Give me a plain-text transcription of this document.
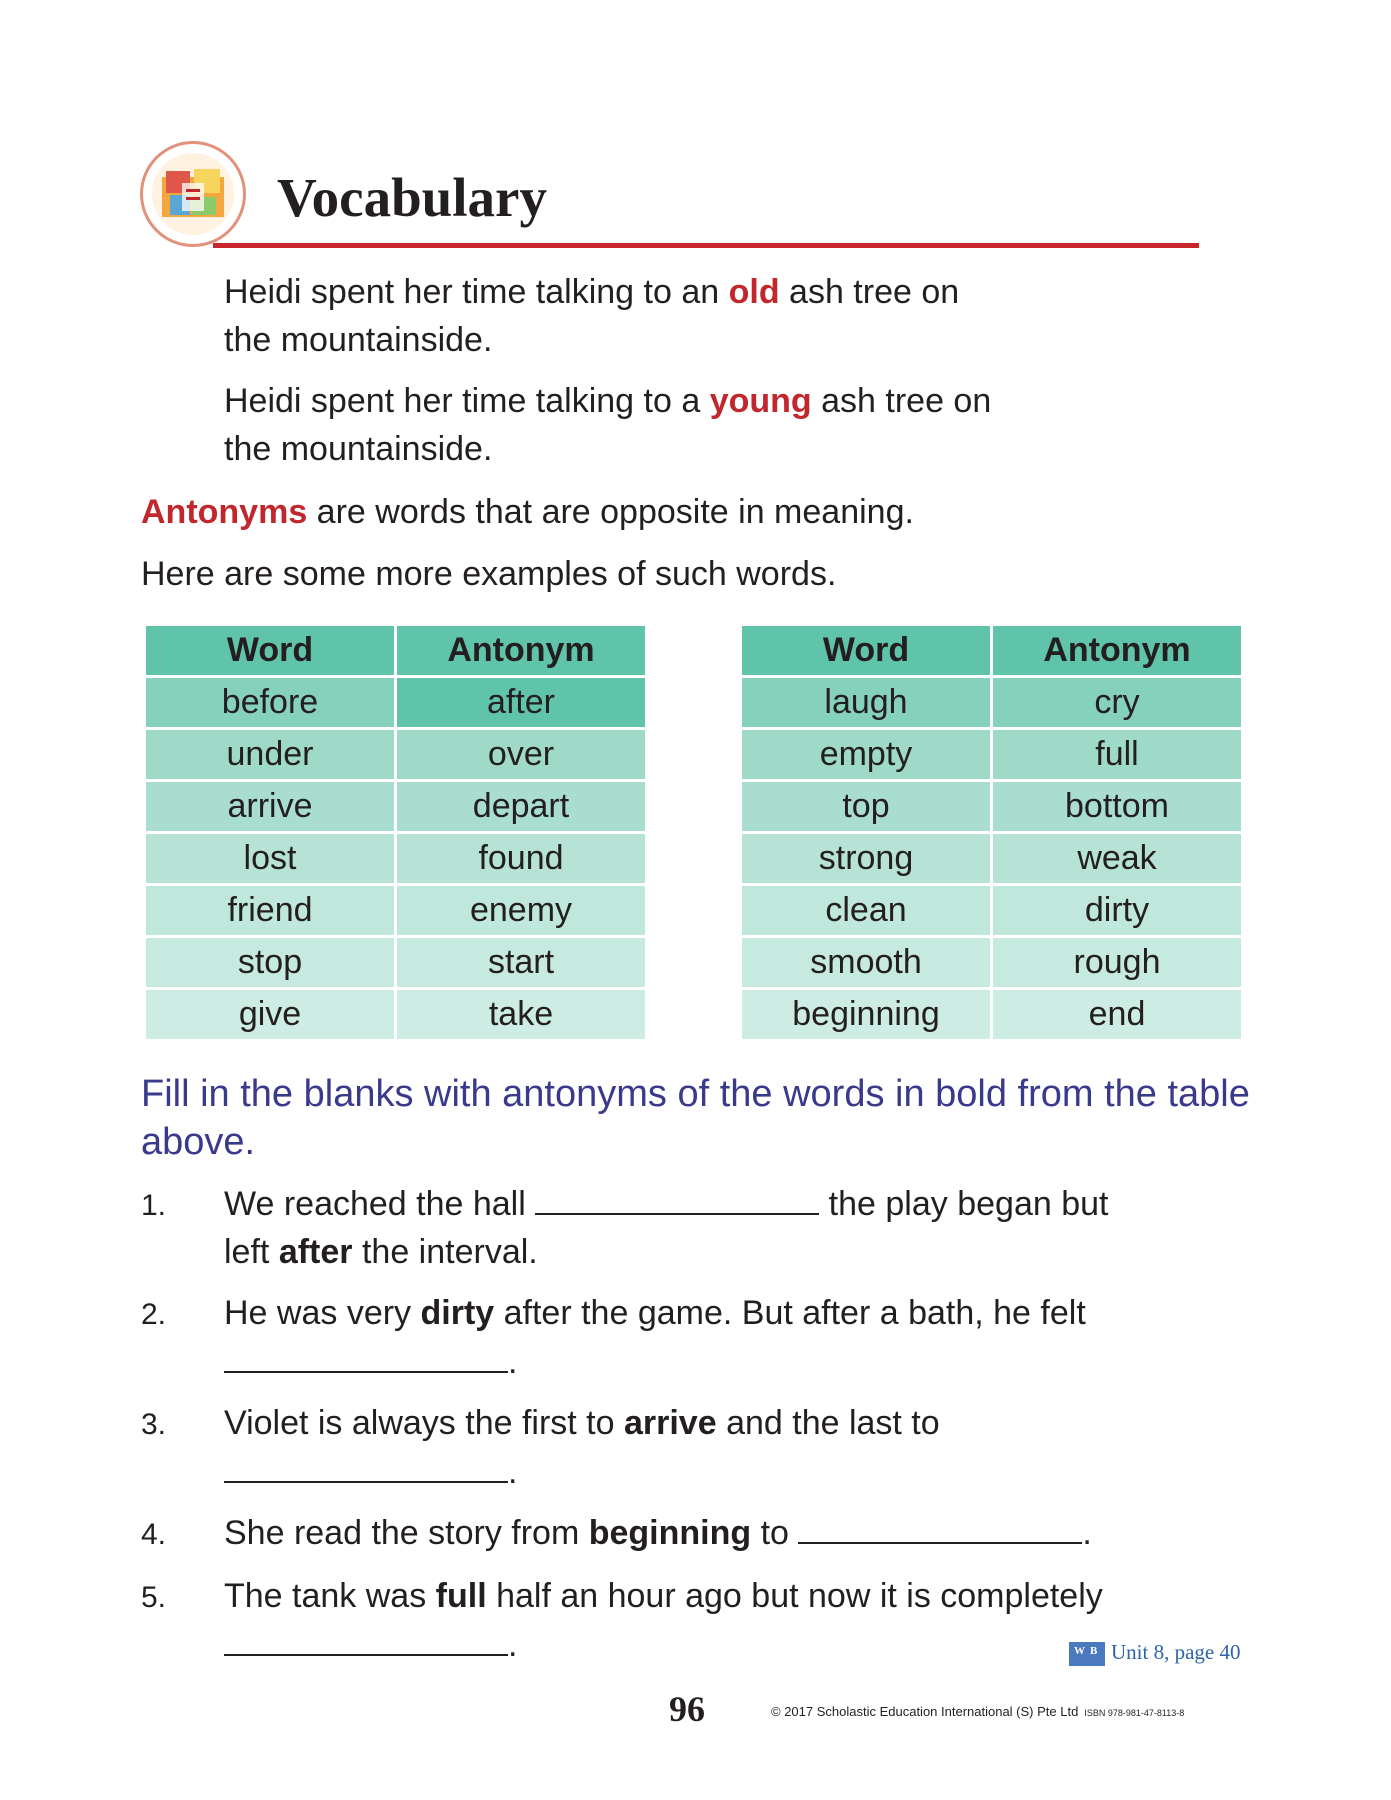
Vocabulary
Heidi spent her time talking to an old ash tree on
the mountainside.
Heidi spent her time talking to a young ash tree on
the mountainside.
Antonyms are words that are opposite in meaning.
Here are some more examples of such words.
Word	Antonym
before	after
under	over
arrive	depart
lost	found
friend	enemy
stop	start
give	take
Word	Antonym
laugh	cry
empty	full
top	bottom
strong	weak
clean	dirty
smooth	rough
beginning	end
Fill in the blanks with antonyms of the words in bold from the table above.
1. We reached the hall	the play began but
left after the interval.
2. He was very dirty after the game. But after a bath, he felt
.
3. Violet is always the first to arrive and the last to
.
4. She read the story from beginning to	.
5. The tank was full half an hour ago but now it is completely
.	W B Unit 8, page 40
96	© 2017 Scholastic Education International (S) Pte Ltd ISBN 978-981-47-8113-8
